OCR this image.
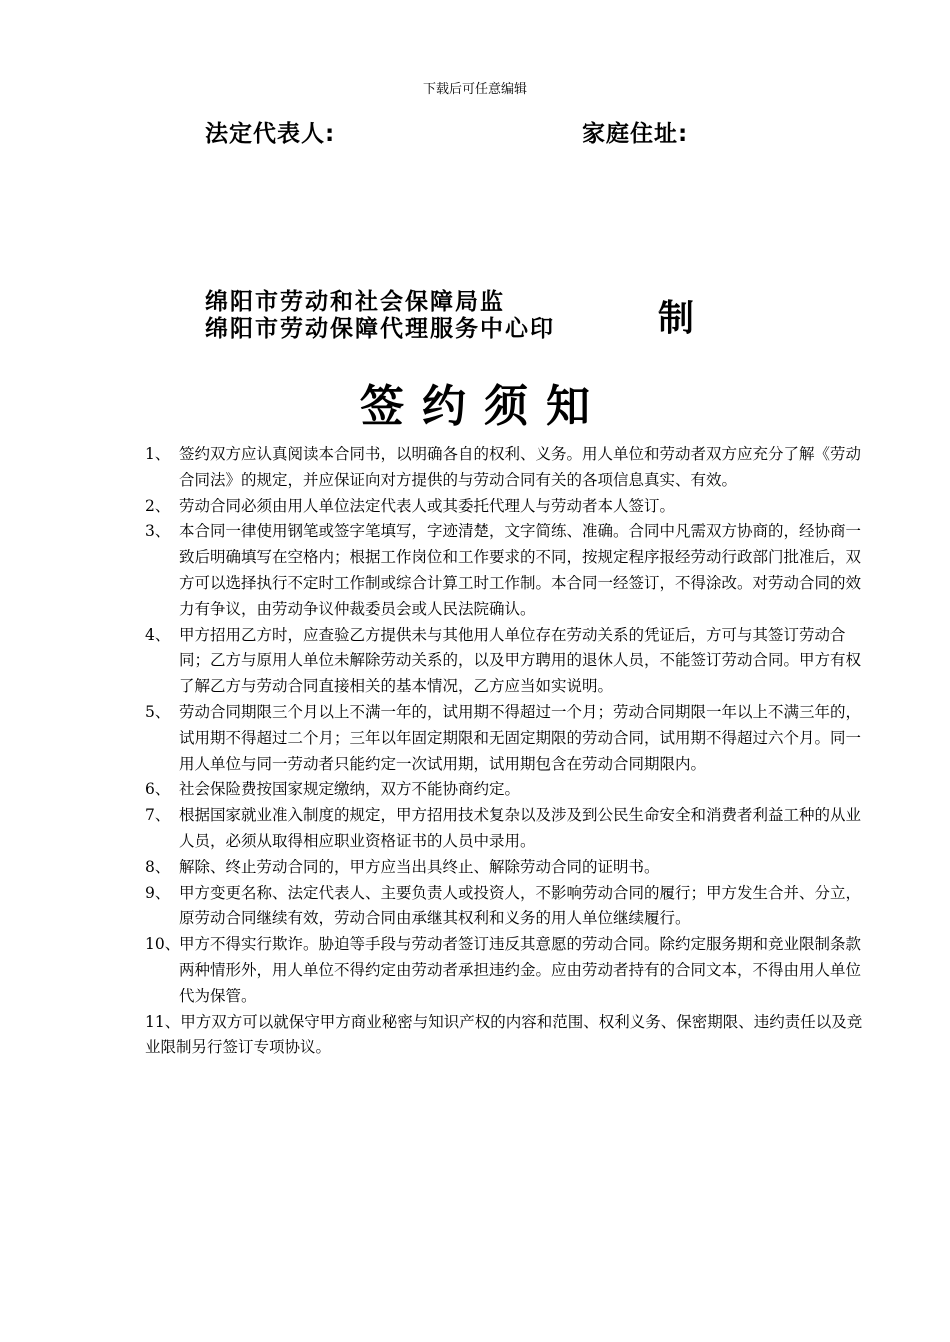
下载后可任意编辑
法定代表人:	家庭住址:
绵阳市劳动和社会保障局监
绵阳市劳动保障代理服务中心印	制
签约须知
1、 签约双方应认真阅读本合同书，以明确各自的权利、义务。用人单位和劳动者双方应充分了解《劳动合同法》的规定，并应保证向对方提供的与劳动合同有关的各项信息真实、有效。
2、 劳动合同必须由用人单位法定代表人或其委托代理人与劳动者本人签订。
3、 本合同一律使用钢笔或签字笔填写，字迹清楚，文字简练、准确。合同中凡需双方协商的，经协商一致后明确填写在空格内；根据工作岗位和工作要求的不同，按规定程序报经劳动行政部门批准后，双方可以选择执行不定时工作制或综合计算工时工作制。本合同一经签订，不得涂改。对劳动合同的效力有争议，由劳动争议仲裁委员会或人民法院确认。
4、 甲方招用乙方时，应查验乙方提供未与其他用人单位存在劳动关系的凭证后，方可与其签订劳动合同；乙方与原用人单位未解除劳动关系的，以及甲方聘用的退休人员，不能签订劳动合同。甲方有权了解乙方与劳动合同直接相关的基本情况，乙方应当如实说明。
5、 劳动合同期限三个月以上不满一年的，试用期不得超过一个月；劳动合同期限一年以上不满三年的，试用期不得超过二个月；三年以年固定期限和无固定期限的劳动合同，试用期不得超过六个月。同一用人单位与同一劳动者只能约定一次试用期，试用期包含在劳动合同期限内。
6、 社会保险费按国家规定缴纳，双方不能协商约定。
7、 根据国家就业准入制度的规定，甲方招用技术复杂以及涉及到公民生命安全和消费者利益工种的从业人员，必须从取得相应职业资格证书的人员中录用。
8、 解除、终止劳动合同的，甲方应当出具终止、解除劳动合同的证明书。
9、 甲方变更名称、法定代表人、主要负责人或投资人，不影响劳动合同的履行；甲方发生合并、分立，原劳动合同继续有效，劳动合同由承继其权利和义务的用人单位继续履行。
10、
甲方不得实行欺诈。胁迫等手段与劳动者签订违反其意愿的劳动合同。除约定服务期和竞业限制条款两种情形外，用人单位不得约定由劳动者承担违约金。应由劳动者持有的合同文本，不得由用人单位代为保管。
11、甲方双方可以就保守甲方商业秘密与知识产权的内容和范围、权利义务、保密期限、违约责任以及竞业限制另行签订专项协议。
